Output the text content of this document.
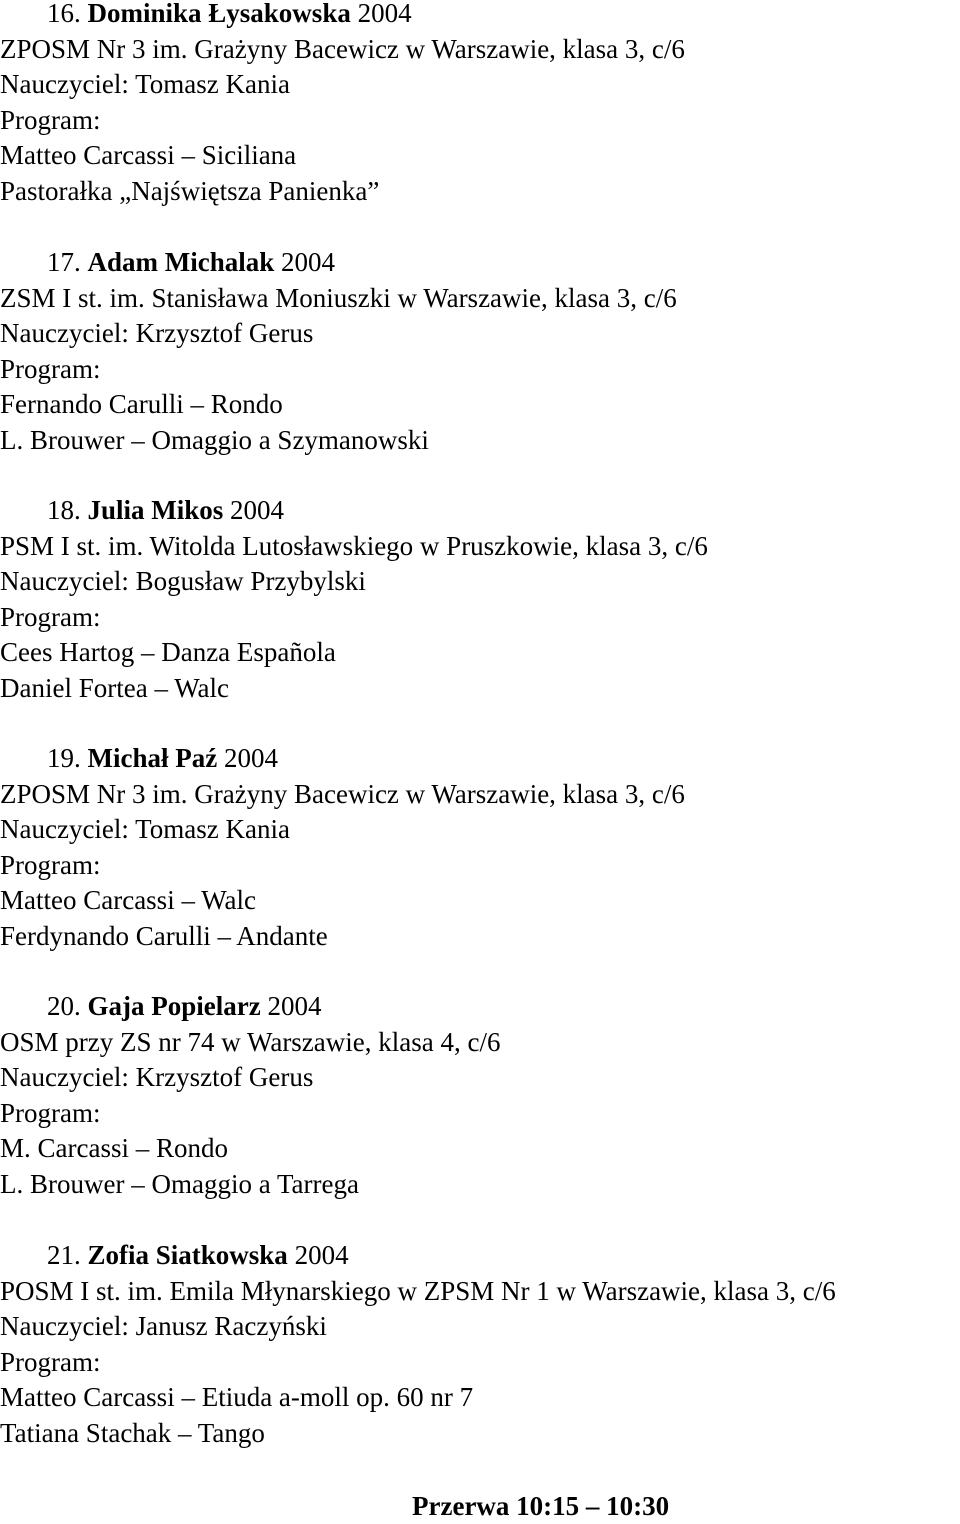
16. Dominika Łysakowska 2004
ZPOSM Nr 3 im. Grażyny Bacewicz w Warszawie, klasa 3, c/6
Nauczyciel: Tomasz Kania
Program:
Matteo Carcassi – Siciliana
Pastorałka „Najświętsza Panienka”
17. Adam Michalak 2004
ZSM I st. im. Stanisława Moniuszki w Warszawie, klasa 3, c/6
Nauczyciel: Krzysztof Gerus
Program:
Fernando Carulli – Rondo
L. Brouwer – Omaggio a Szymanowski
18. Julia Mikos 2004
PSM I st. im. Witolda Lutosławskiego w Pruszkowie, klasa 3, c/6
Nauczyciel: Bogusław Przybylski
Program:
Cees Hartog – Danza Española
Daniel Fortea – Walc
19. Michał Paź 2004
ZPOSM Nr 3 im. Grażyny Bacewicz w Warszawie, klasa 3, c/6
Nauczyciel: Tomasz Kania
Program:
Matteo Carcassi – Walc
Ferdynando Carulli – Andante
20. Gaja Popielarz 2004
OSM przy ZS nr 74 w Warszawie, klasa 4, c/6
Nauczyciel: Krzysztof Gerus
Program:
M. Carcassi – Rondo
L. Brouwer – Omaggio a Tarrega
21. Zofia Siatkowska 2004
POSM I st. im. Emila Młynarskiego w ZPSM Nr 1 w Warszawie, klasa 3, c/6
Nauczyciel: Janusz Raczyński
Program:
Matteo Carcassi – Etiuda a-moll op. 60 nr 7
Tatiana Stachak – Tango
Przerwa 10:15 – 10:30
